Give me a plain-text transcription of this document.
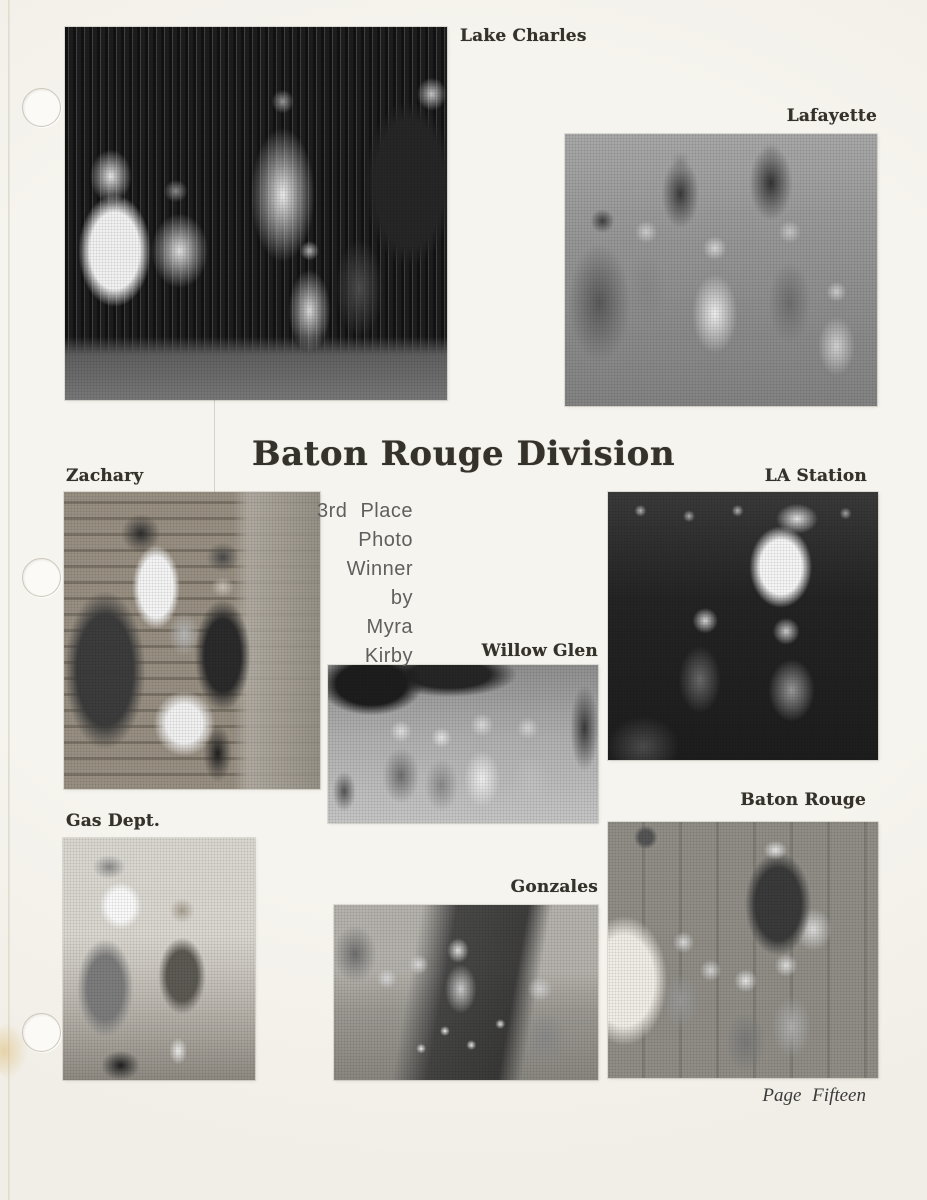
Lake Charles
Lafayette
Zachary	LA Station
Willow Glen
Gas Dept.
Gonzales
Baton Rouge
Baton Rouge Division
3rd Place
Photo
Winner
by
Myra
Kirby
Page Fifteen
